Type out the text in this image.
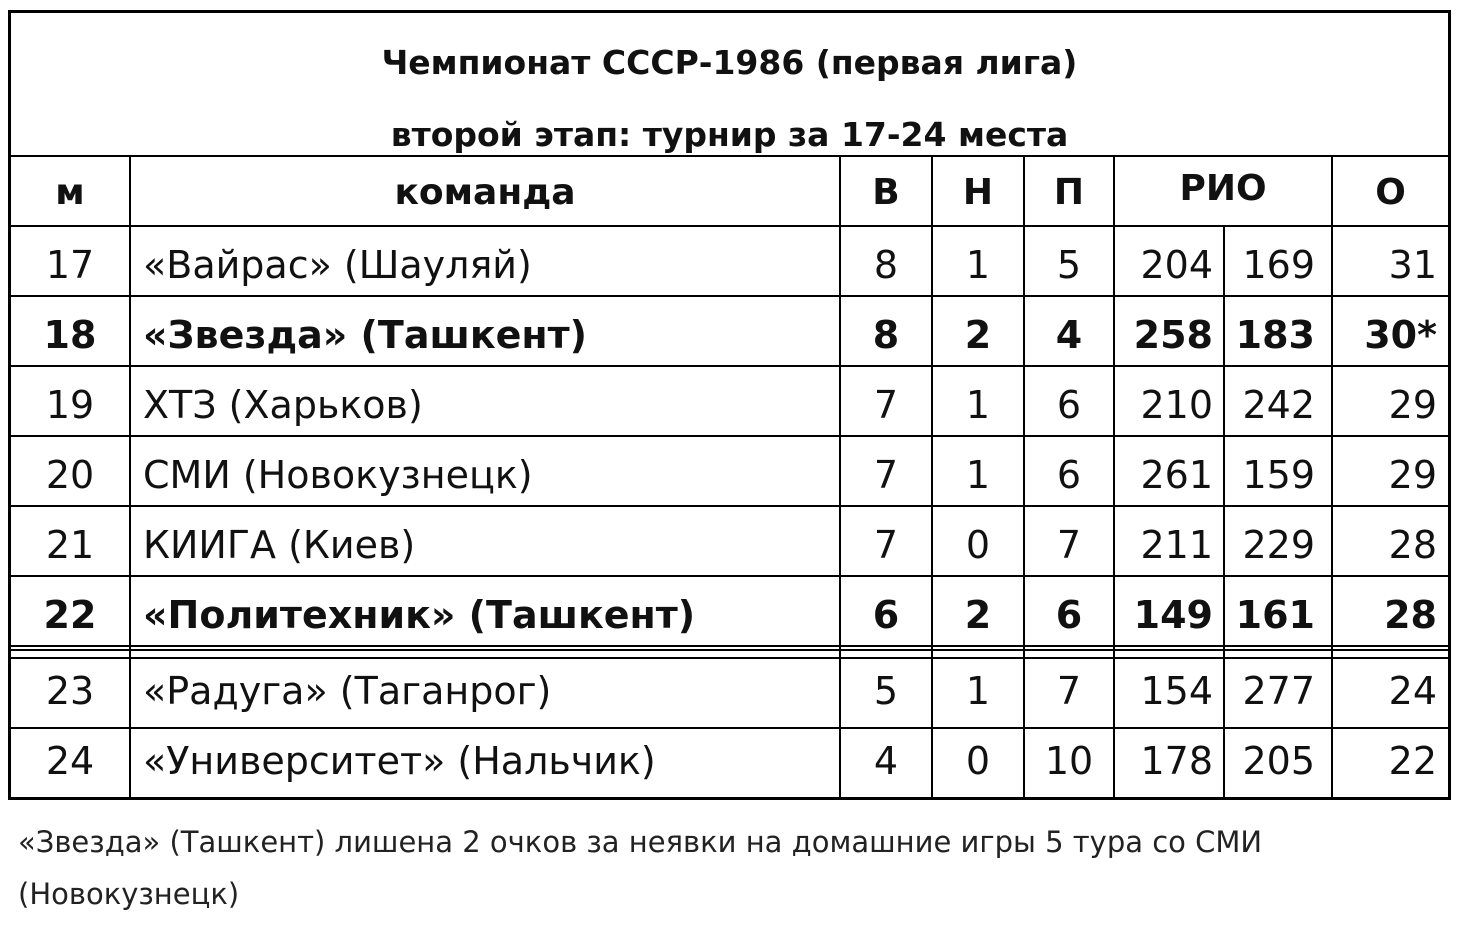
Чемпионат СССР-1986 (первая лига)
второй этап: турнир за 17-24 места
м	команда	В	Н	П	РИО	О
17	«Вайрас» (Шауляй)	8	1	5	204 169	31
18	«Звезда» (Ташкент)	8	2	4	258 183	30*
19	ХТЗ (Харьков)	7	1	6	210 242	29
20	СМИ (Новокузнецк)	7	1	6	261 159	29
21	КИИГА (Киев)	7	0	7	211 229	28
22	«Политехник» (Ташкент)	6	2	6	149 161	28
23	«Радуга» (Таганрог)	5	1	7	154 277	24
24	«Университет» (Нальчик)	4	0	10	178 205	22
«Звезда» (Ташкент) лишена 2 очков за неявки на домашние игры 5 тура со СМИ (Новокузнецк)
